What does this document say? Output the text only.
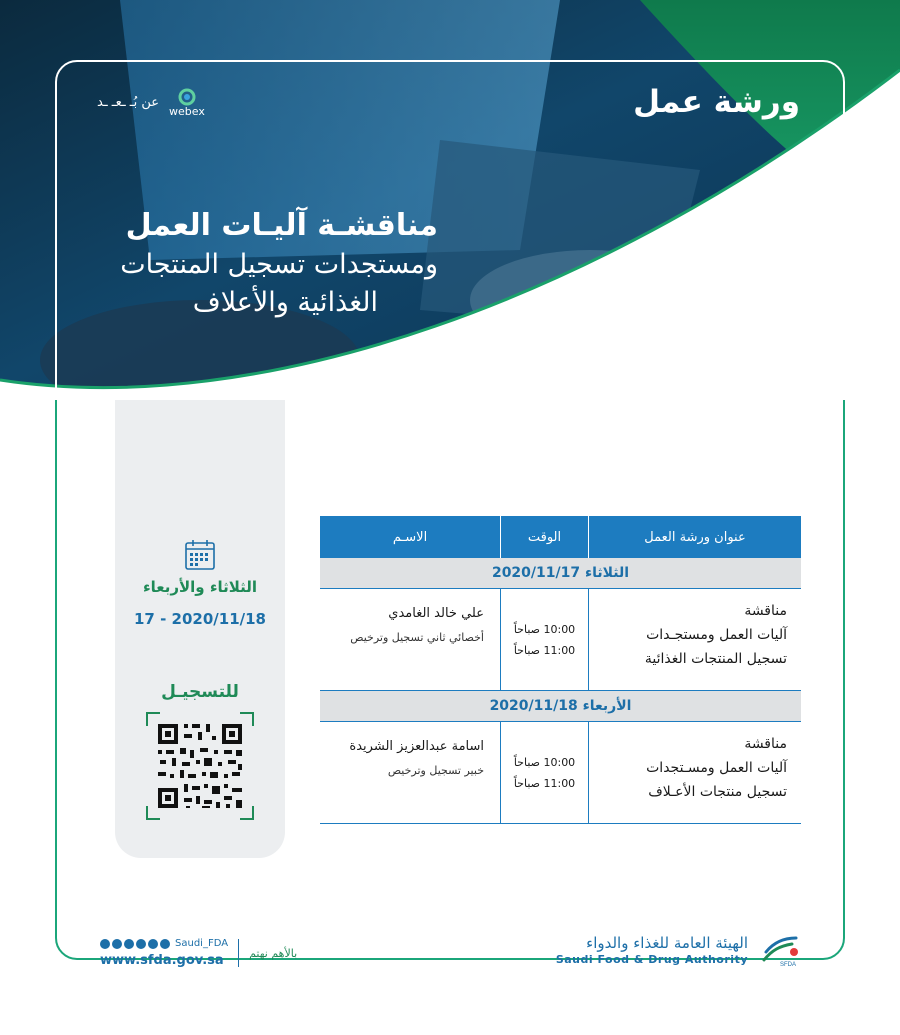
ورشة عمل
عن بُـ ـعـ ـد
webex
مناقشـة آليـات العمل
ومستجدات تسجيل المنتجات
الغذائية والأعلاف
الثلاثاء والأربعاء
17 - 2020/11/18
للتسجيـل
عنوان ورشة العمل
الوقت
الاسـم
الثلاثاء 2020/11/17
مناقشة
آليات العمل ومستجـدات
تسجيل المنتجات الغذائية
10:00 صباحاً
11:00 صباحاً
علي خالد الغامدي
أخصائي ثاني تسجيل وترخيص
الأربعاء 2020/11/18
مناقشة
آليات العمل ومسـتجدات
تسجيل منتجات الأعـلاف
10:00 صباحاً
11:00 صباحاً
اسامة عبدالعزيز الشريدة
خبير تسجيل وترخيص
الهيئة العامة للغذاء والدواء
Saudi Food & Drug Authority	SFDA
Saudi_FDA
www.sfda.gov.sa	بالأهم نهتم
